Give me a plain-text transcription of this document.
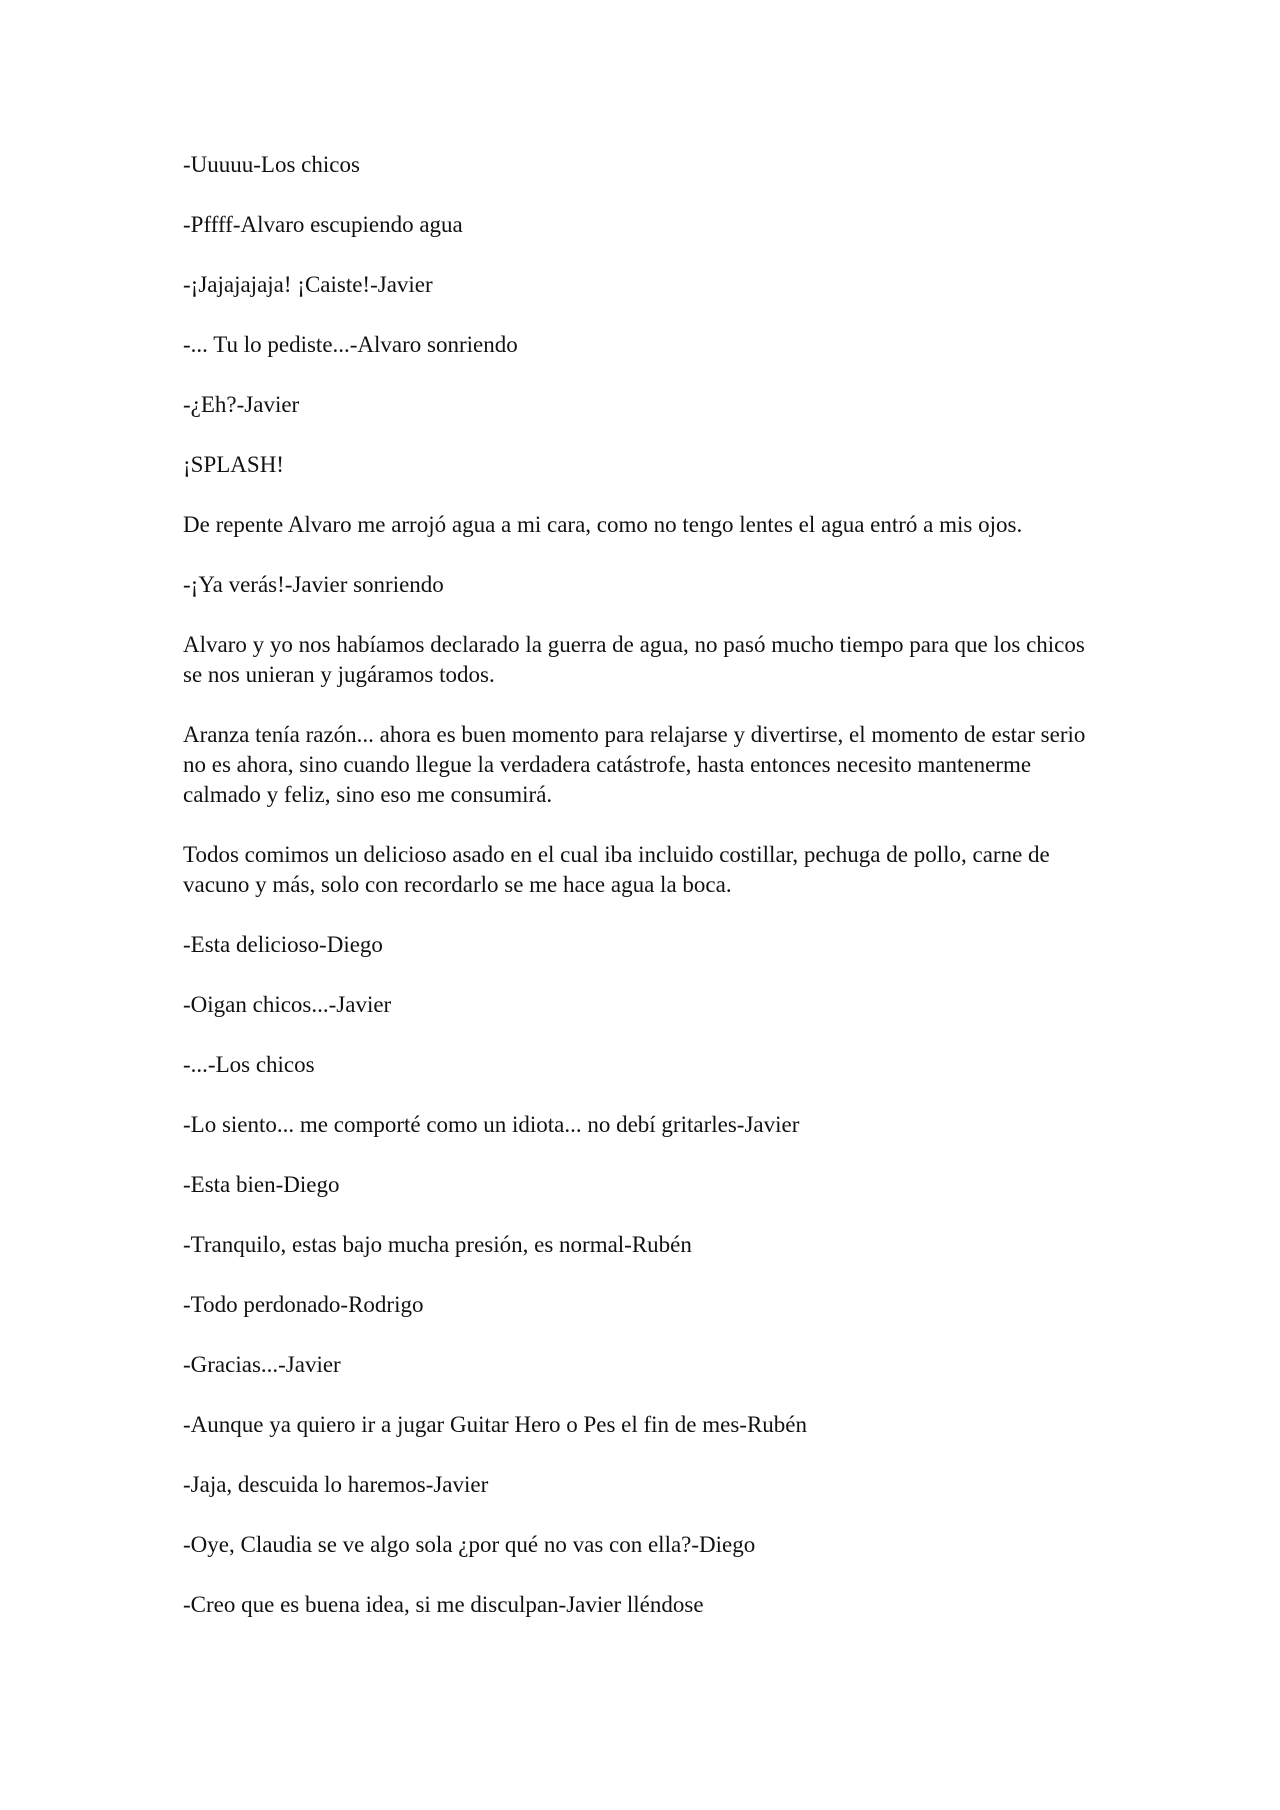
-Uuuuu-Los chicos

-Pffff-Alvaro escupiendo agua

-¡Jajajajaja! ¡Caiste!-Javier

-... Tu lo pediste...-Alvaro sonriendo

-¿Eh?-Javier

¡SPLASH!

De repente Alvaro me arrojó agua a mi cara, como no tengo lentes el agua entró a mis ojos.

-¡Ya verás!-Javier sonriendo

Alvaro y yo nos habíamos declarado la guerra de agua, no pasó mucho tiempo para que los chicos se nos unieran y jugáramos todos.

Aranza tenía razón... ahora es buen momento para relajarse y divertirse, el momento de estar serio no es ahora, sino cuando llegue la verdadera catástrofe, hasta entonces necesito mantenerme calmado y feliz, sino eso me consumirá.

Todos comimos un delicioso asado en el cual iba incluido costillar, pechuga de pollo, carne de vacuno y más, solo con recordarlo se me hace agua la boca.

-Esta delicioso-Diego

-Oigan chicos...-Javier

-...-Los chicos

-Lo siento... me comporté como un idiota... no debí gritarles-Javier

-Esta bien-Diego

-Tranquilo, estas bajo mucha presión, es normal-Rubén

-Todo perdonado-Rodrigo

-Gracias...-Javier

-Aunque ya quiero ir a jugar Guitar Hero o Pes el fin de mes-Rubén

-Jaja, descuida lo haremos-Javier

-Oye, Claudia se ve algo sola ¿por qué no vas con ella?-Diego

-Creo que es buena idea, si me disculpan-Javier lléndose
